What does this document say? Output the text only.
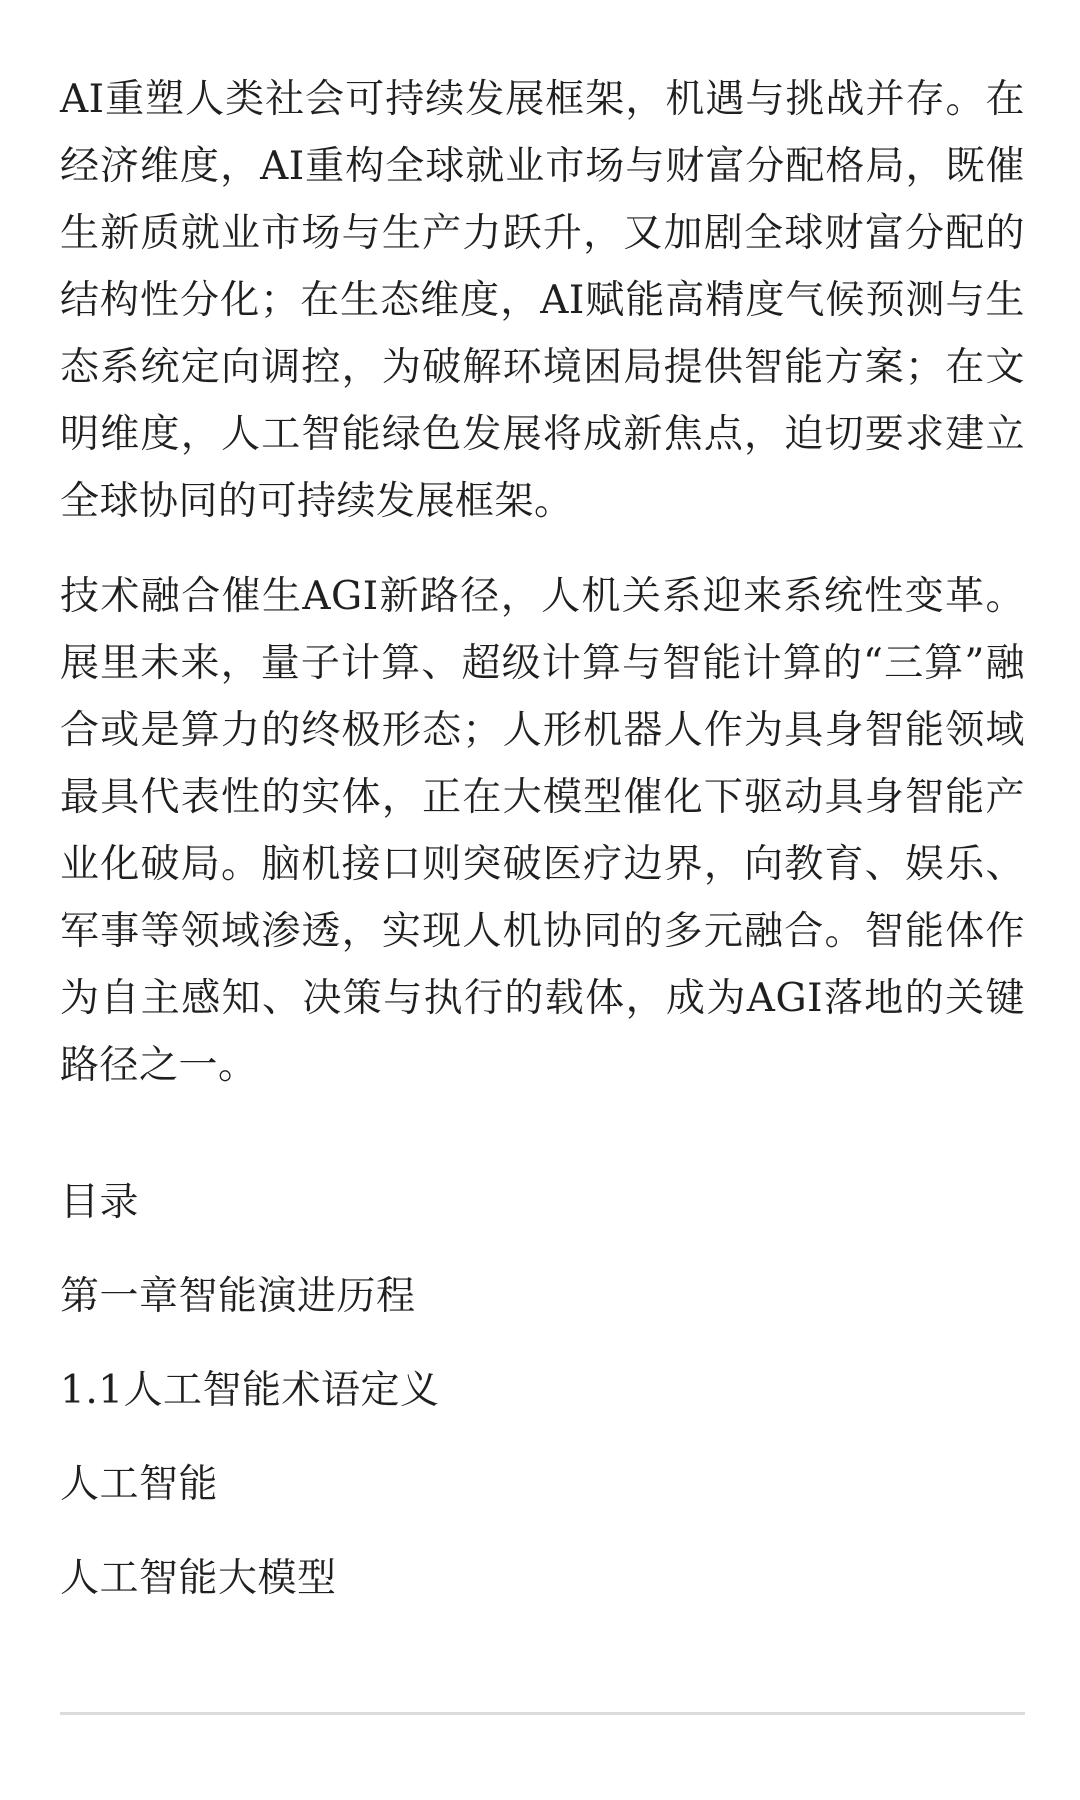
AI重塑人类社会可持续发展框架，机遇与挑战并存。在经济维度，AI重构全球就业市场与财富分配格局，既催生新质就业市场与生产力跃升，又加剧全球财富分配的结构性分化；在生态维度，AI赋能高精度气候预测与生态系统定向调控，为破解环境困局提供智能方案；在文明维度，人工智能绿色发展将成新焦点，迫切要求建立全球协同的可持续发展框架。

技术融合催生AGI新路径，人机关系迎来系统性变革。展里未来，量子计算、超级计算与智能计算的“三算”融合或是算力的终极形态；人形机器人作为具身智能领域最具代表性的实体，正在大模型催化下驱动具身智能产业化破局。脑机接口则突破医疗边界，向教育、娱乐、军事等领域渗透，实现人机协同的多元融合。智能体作为自主感知、决策与执行的载体，成为AGI落地的关键路径之一。

目录
第一章智能演进历程
1.1人工智能术语定义
人工智能
人工智能大模型
